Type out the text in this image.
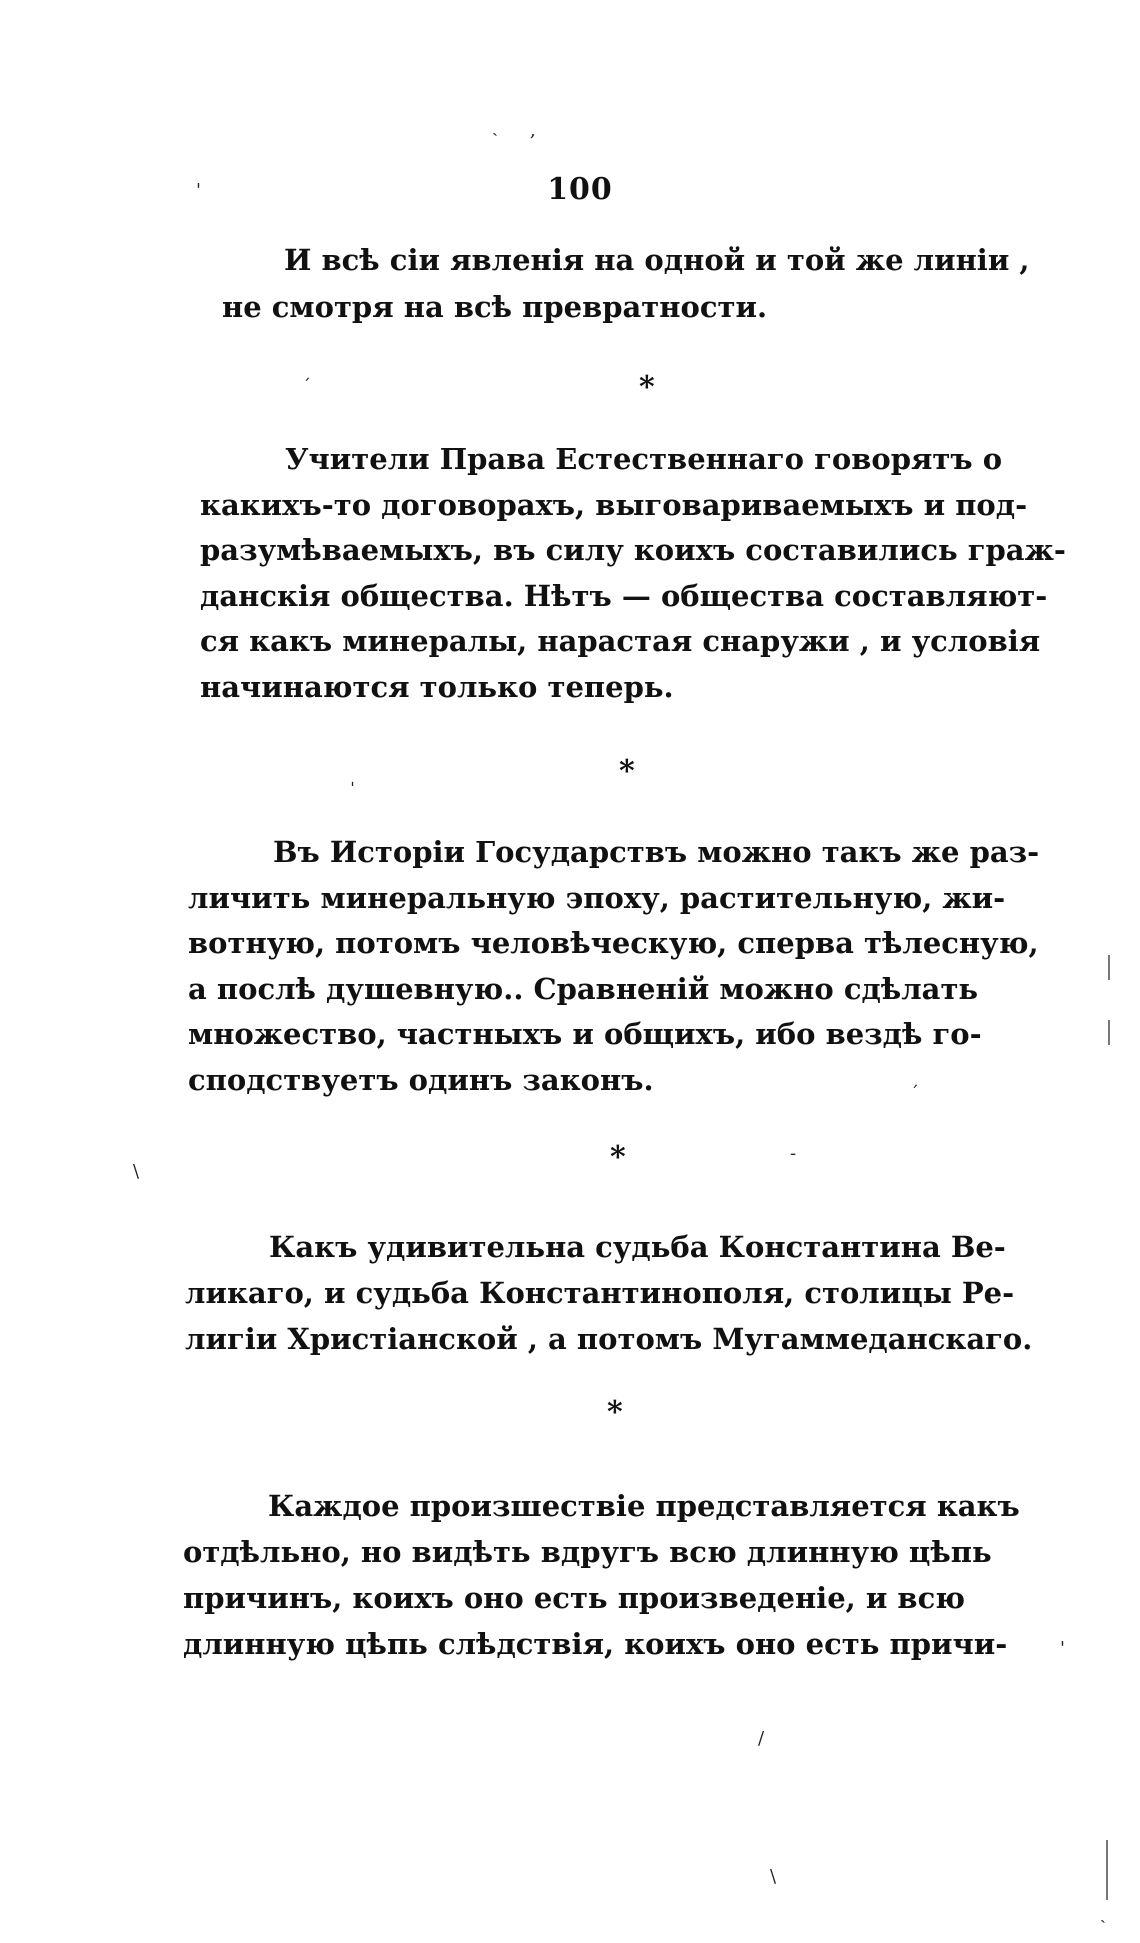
100
И всѣ сіи явленія на одной и той же линіи ,
не смотря на всѣ превратности.
*
Учители Права Естественнаго говорятъ о
какихъ-то договорахъ, выговариваемыхъ и под-
разумѣваемыхъ, въ силу коихъ составились граж-
данскія общества. Нѣтъ — общества составляют-
ся какъ минералы, нарастая снаружи , и условія
начинаются только теперь.
*
Въ Исторіи Государствъ можно такъ же раз-
личить минеральную эпоху, растительную, жи-
вотную, потомъ человѣческую, сперва тѣлесную,
а послѣ душевную.. Сравненій можно сдѣлать
множество, частныхъ и общихъ, ибо вездѣ го-
сподствуетъ одинъ законъ.
*
Какъ удивительна судьба Константина Ве-
ликаго, и судьба Константинополя, столицы Ре-
лигіи Христіанской , а потомъ Мугаммеданскаго.
*
Каждое произшествіе представляется какъ
отдѣльно, но видѣть вдругъ всю длинную цѣпь
причинъ, коихъ оно есть произведеніе, и всю
длинную цѣпь слѣдствія, коихъ оно есть причи-
ˎ ,
'
ˊ
ˌ
\
-
ˊ
/
'
\
ˎ
